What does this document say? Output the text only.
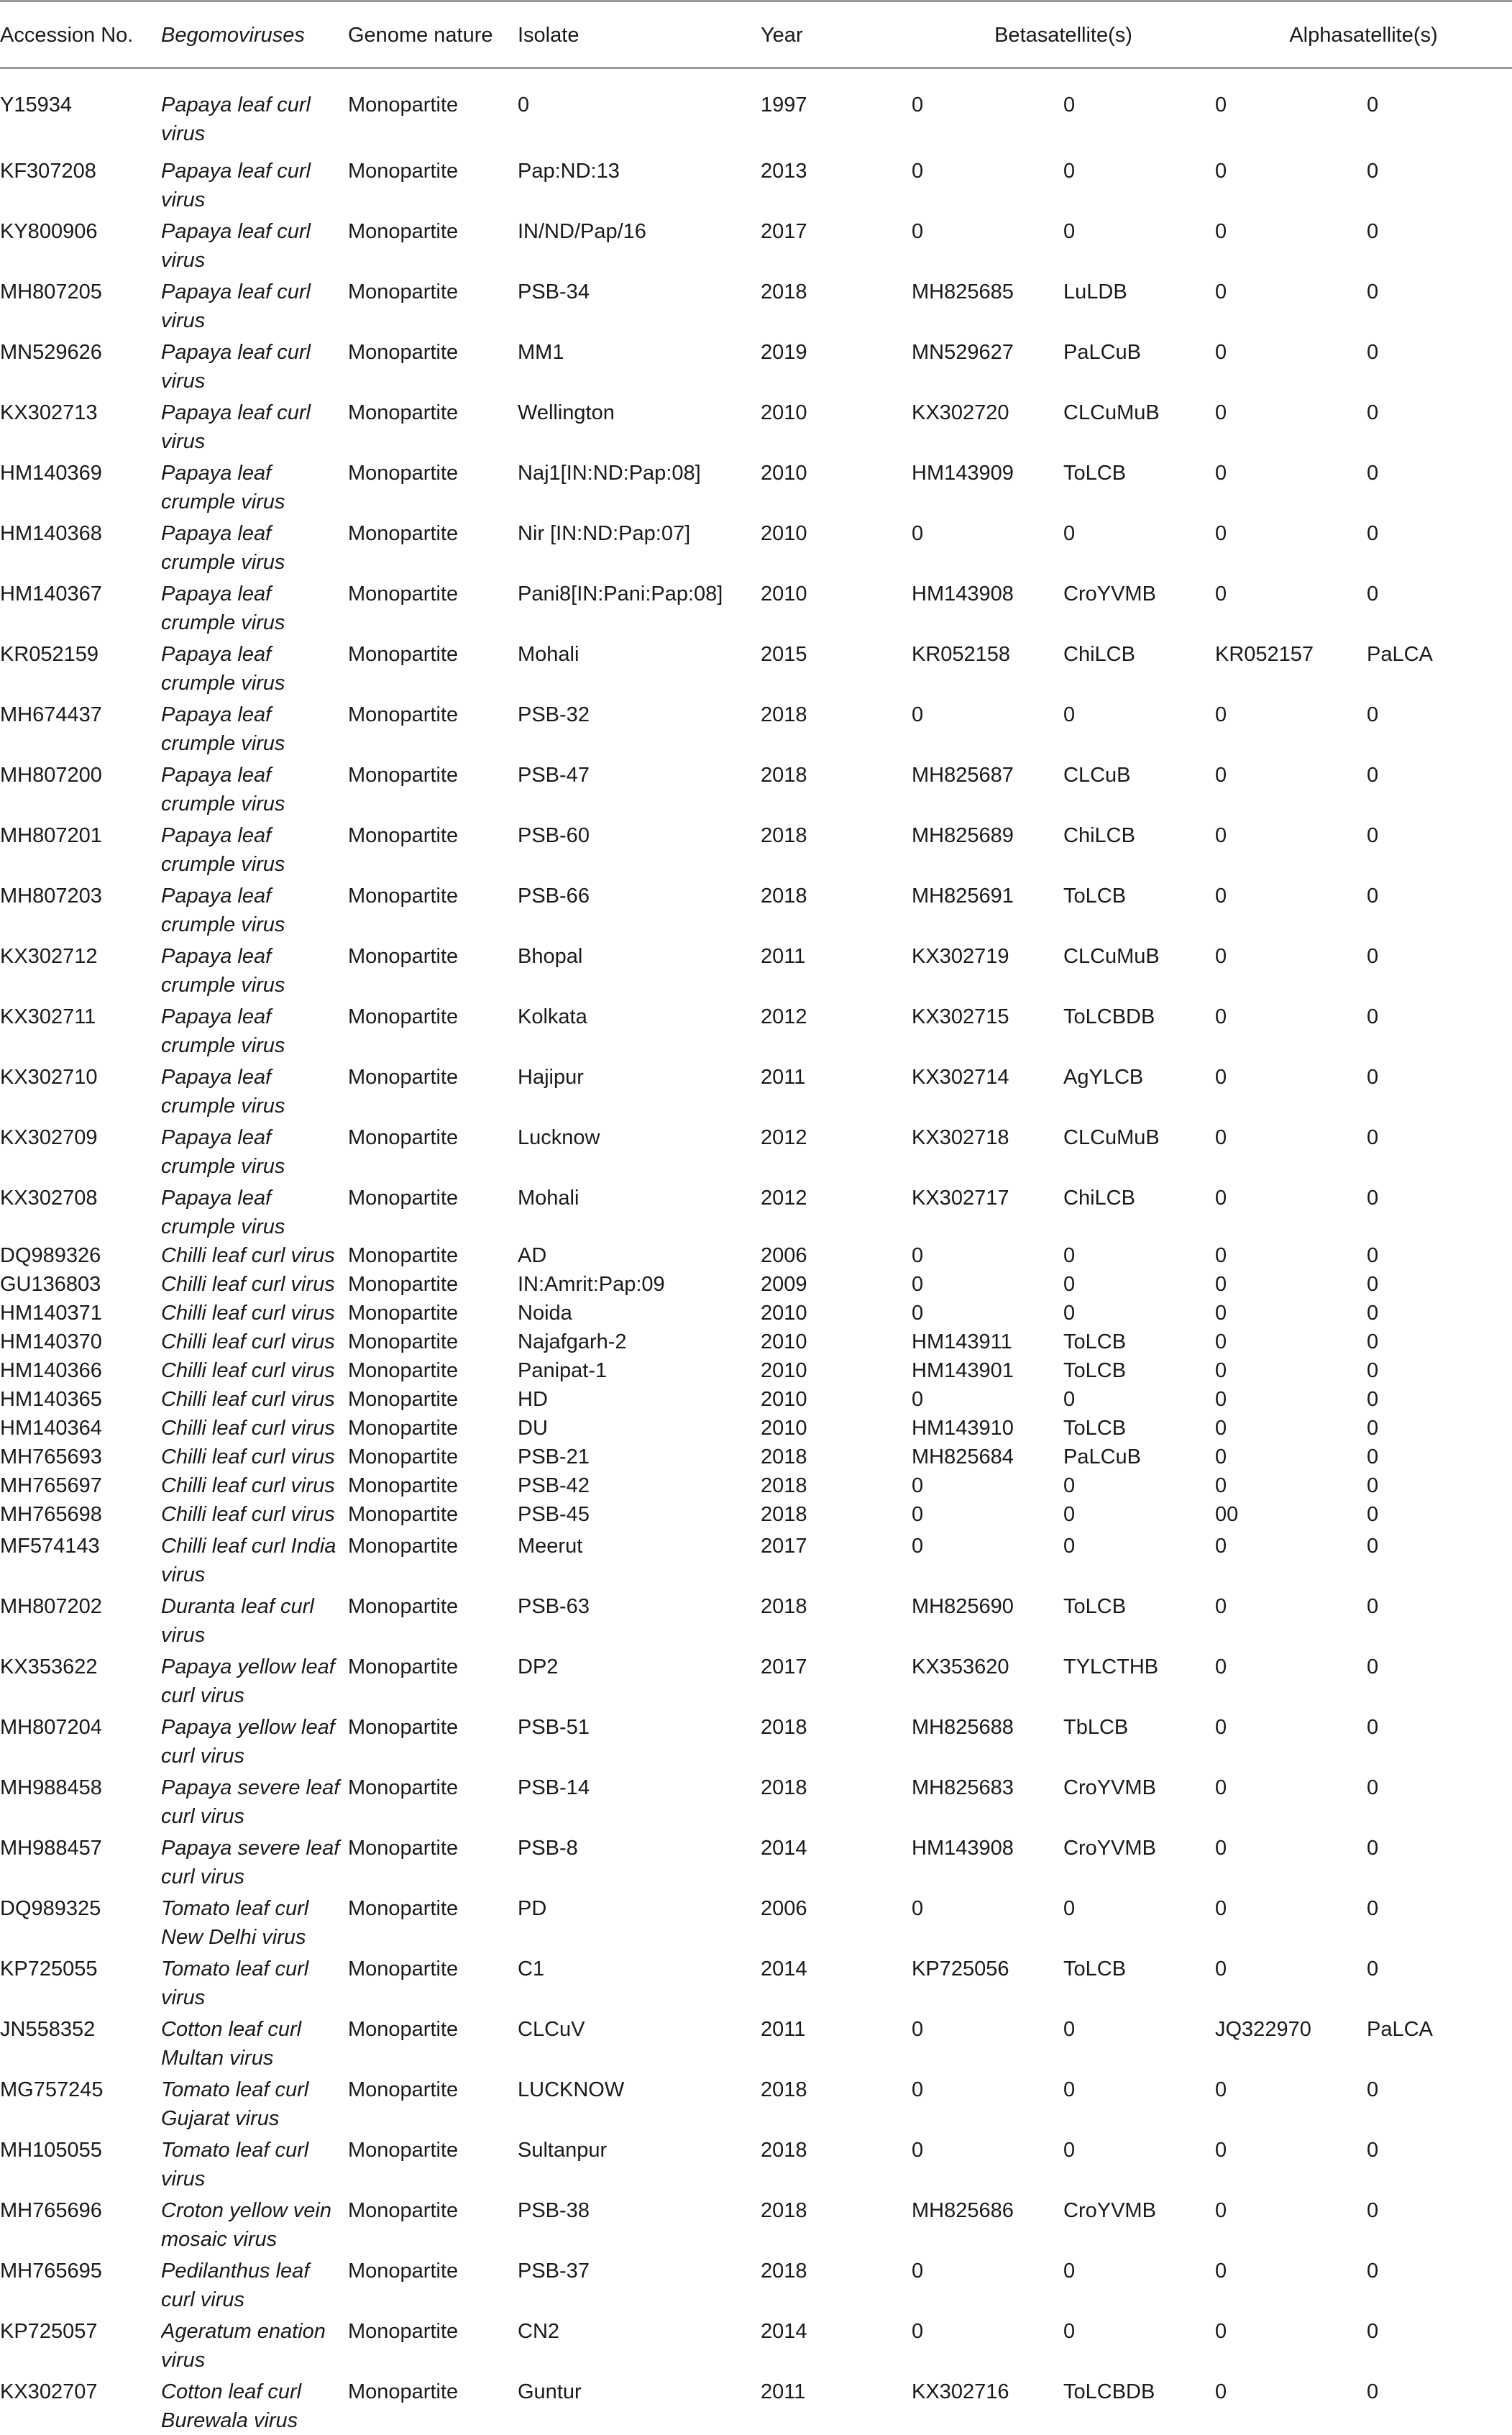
Accession No.	Begomoviruses	Genome nature	Isolate	Year	Betasatellite(s)		Alphasatellite(s)	
Y15934	Papaya leaf curl virus	Monopartite	0	1997	0	0	0	0
KF307208	Papaya leaf curl virus	Monopartite	Pap:ND:13	2013	0	0	0	0
KY800906	Papaya leaf curl virus	Monopartite	IN/ND/Pap/16	2017	0	0	0	0
MH807205	Papaya leaf curl virus	Monopartite	PSB-34	2018	MH825685	LuLDB	0	0
MN529626	Papaya leaf curl virus	Monopartite	MM1	2019	MN529627	PaLCuB	0	0
KX302713	Papaya leaf curl virus	Monopartite	Wellington	2010	KX302720	CLCuMuB	0	0
HM140369	Papaya leaf crumple virus	Monopartite	Naj1[IN:ND:Pap:08]	2010	HM143909	ToLCB	0	0
HM140368	Papaya leaf crumple virus	Monopartite	Nir [IN:ND:Pap:07]	2010	0	0	0	0
HM140367	Papaya leaf crumple virus	Monopartite	Pani8[IN:Pani:Pap:08]	2010	HM143908	CroYVMB	0	0
KR052159	Papaya leaf crumple virus	Monopartite	Mohali	2015	KR052158	ChiLCB	KR052157	PaLCA
MH674437	Papaya leaf crumple virus	Monopartite	PSB-32	2018	0	0	0	0
MH807200	Papaya leaf crumple virus	Monopartite	PSB-47	2018	MH825687	CLCuB	0	0
MH807201	Papaya leaf crumple virus	Monopartite	PSB-60	2018	MH825689	ChiLCB	0	0
MH807203	Papaya leaf crumple virus	Monopartite	PSB-66	2018	MH825691	ToLCB	0	0
KX302712	Papaya leaf crumple virus	Monopartite	Bhopal	2011	KX302719	CLCuMuB	0	0
KX302711	Papaya leaf crumple virus	Monopartite	Kolkata	2012	KX302715	ToLCBDB	0	0
KX302710	Papaya leaf crumple virus	Monopartite	Hajipur	2011	KX302714	AgYLCB	0	0
KX302709	Papaya leaf crumple virus	Monopartite	Lucknow	2012	KX302718	CLCuMuB	0	0
KX302708	Papaya leaf crumple virus	Monopartite	Mohali	2012	KX302717	ChiLCB	0	0
DQ989326	Chilli leaf curl virus	Monopartite	AD	2006	0	0	0	0
GU136803	Chilli leaf curl virus	Monopartite	IN:Amrit:Pap:09	2009	0	0	0	0
HM140371	Chilli leaf curl virus	Monopartite	Noida	2010	0	0	0	0
HM140370	Chilli leaf curl virus	Monopartite	Najafgarh-2	2010	HM143911	ToLCB	0	0
HM140366	Chilli leaf curl virus	Monopartite	Panipat-1	2010	HM143901	ToLCB	0	0
HM140365	Chilli leaf curl virus	Monopartite	HD	2010	0	0	0	0
HM140364	Chilli leaf curl virus	Monopartite	DU	2010	HM143910	ToLCB	0	0
MH765693	Chilli leaf curl virus	Monopartite	PSB-21	2018	MH825684	PaLCuB	0	0
MH765697	Chilli leaf curl virus	Monopartite	PSB-42	2018	0	0	0	0
MH765698	Chilli leaf curl virus	Monopartite	PSB-45	2018	0	0	00	0
MF574143	Chilli leaf curl India virus	Monopartite	Meerut	2017	0	0	0	0
MH807202	Duranta leaf curl virus	Monopartite	PSB-63	2018	MH825690	ToLCB	0	0
KX353622	Papaya yellow leaf curl virus	Monopartite	DP2	2017	KX353620	TYLCTHB	0	0
MH807204	Papaya yellow leaf curl virus	Monopartite	PSB-51	2018	MH825688	TbLCB	0	0
MH988458	Papaya severe leaf curl virus	Monopartite	PSB-14	2018	MH825683	CroYVMB	0	0
MH988457	Papaya severe leaf curl virus	Monopartite	PSB-8	2014	HM143908	CroYVMB	0	0
DQ989325	Tomato leaf curl New Delhi virus	Monopartite	PD	2006	0	0	0	0
KP725055	Tomato leaf curl virus	Monopartite	C1	2014	KP725056	ToLCB	0	0
JN558352	Cotton leaf curl Multan virus	Monopartite	CLCuV	2011	0	0	JQ322970	PaLCA
MG757245	Tomato leaf curl Gujarat virus	Monopartite	LUCKNOW	2018	0	0	0	0
MH105055	Tomato leaf curl virus	Monopartite	Sultanpur	2018	0	0	0	0
MH765696	Croton yellow vein mosaic virus	Monopartite	PSB-38	2018	MH825686	CroYVMB	0	0
MH765695	Pedilanthus leaf curl virus	Monopartite	PSB-37	2018	0	0	0	0
KP725057	Ageratum enation virus	Monopartite	CN2	2014	0	0	0	0
KX302707	Cotton leaf curl Burewala virus	Monopartite	Guntur	2011	KX302716	ToLCBDB	0	0
